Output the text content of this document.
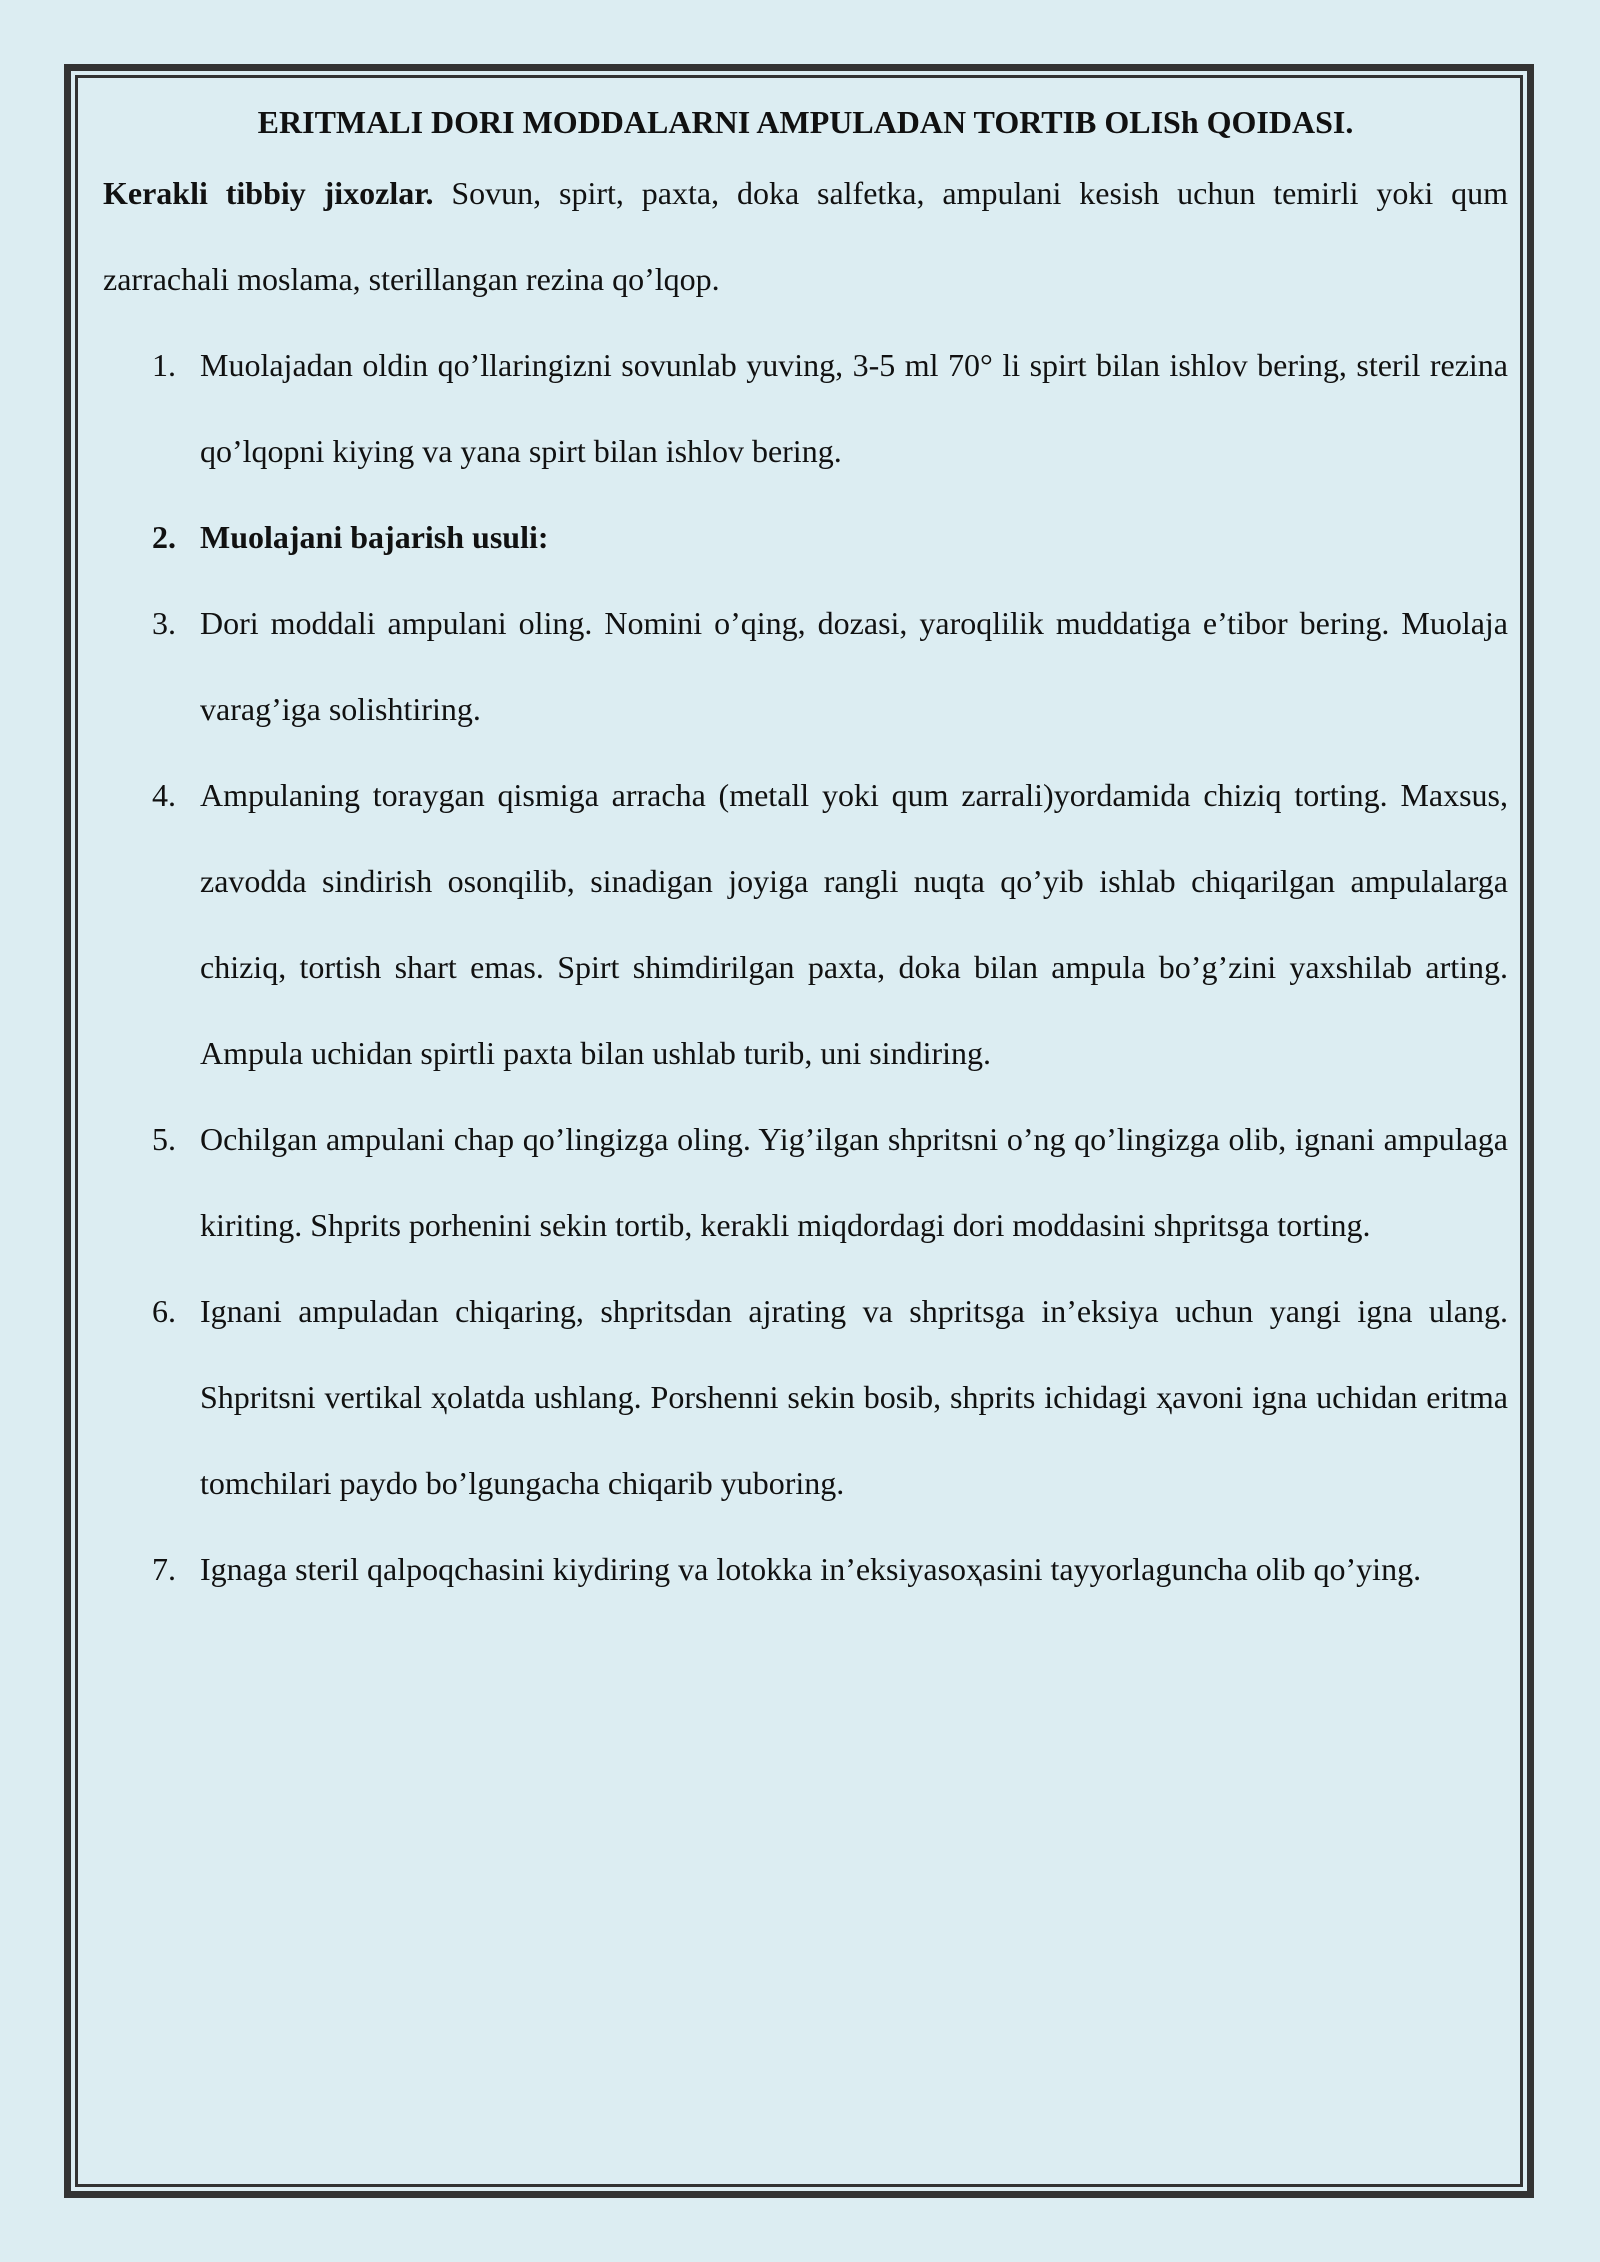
ERITMALI DORI MODDALARNI AMPULADAN TORTIB OLISh QOIDASI.

Kerakli tibbiy jixozlar. Sovun, spirt, paxta, doka salfetka, ampulani kesish uchun temirli yoki qum zarrachali moslama, sterillangan rezina qo’lqop.

1. Muolajadan oldin qo’llaringizni sovunlab yuving, 3-5 ml 70° li spirt bilan ishlov bering, steril rezina qo’lqopni kiying va yana spirt bilan ishlov bering.
2. Muolajani bajarish usuli:
3. Dori moddali ampulani oling. Nomini o’qing, dozasi, yaroqlilik muddatiga e’tibor bering. Muolaja varag’iga solishtiring.
4. Ampulaning toraygan qismiga arracha (metall yoki qum zarrali)yordamida chiziq torting. Maxsus, zavodda sindirish osonqilib, sinadigan joyiga rangli nuqta qo’yib ishlab chiqarilgan ampulalarga chiziq, tortish shart emas. Spirt shimdirilgan paxta, doka bilan ampula bo’g’zini yaxshilab arting. Ampula uchidan spirtli paxta bilan ushlab turib, uni sindiring.
5. Ochilgan ampulani chap qo’lingizga oling. Yig’ilgan shpritsni o’ng qo’lingizga olib, ignani ampulaga kiriting. Shprits porhenini sekin tortib, kerakli miqdordagi dori moddasini shpritsga torting.
6. Ignani ampuladan chiqaring, shpritsdan ajrating va shpritsga in’eksiya uchun yangi igna ulang. Shpritsni vertikal ҳolatda ushlang. Porshenni sekin bosib, shprits ichidagi ҳavoni igna uchidan eritma tomchilari paydo bo’lgungacha chiqarib yuboring.
7. Ignaga steril qalpoqchasini kiydiring va lotokka in’eksiyasoҳasini tayyorlaguncha olib qo’ying.
